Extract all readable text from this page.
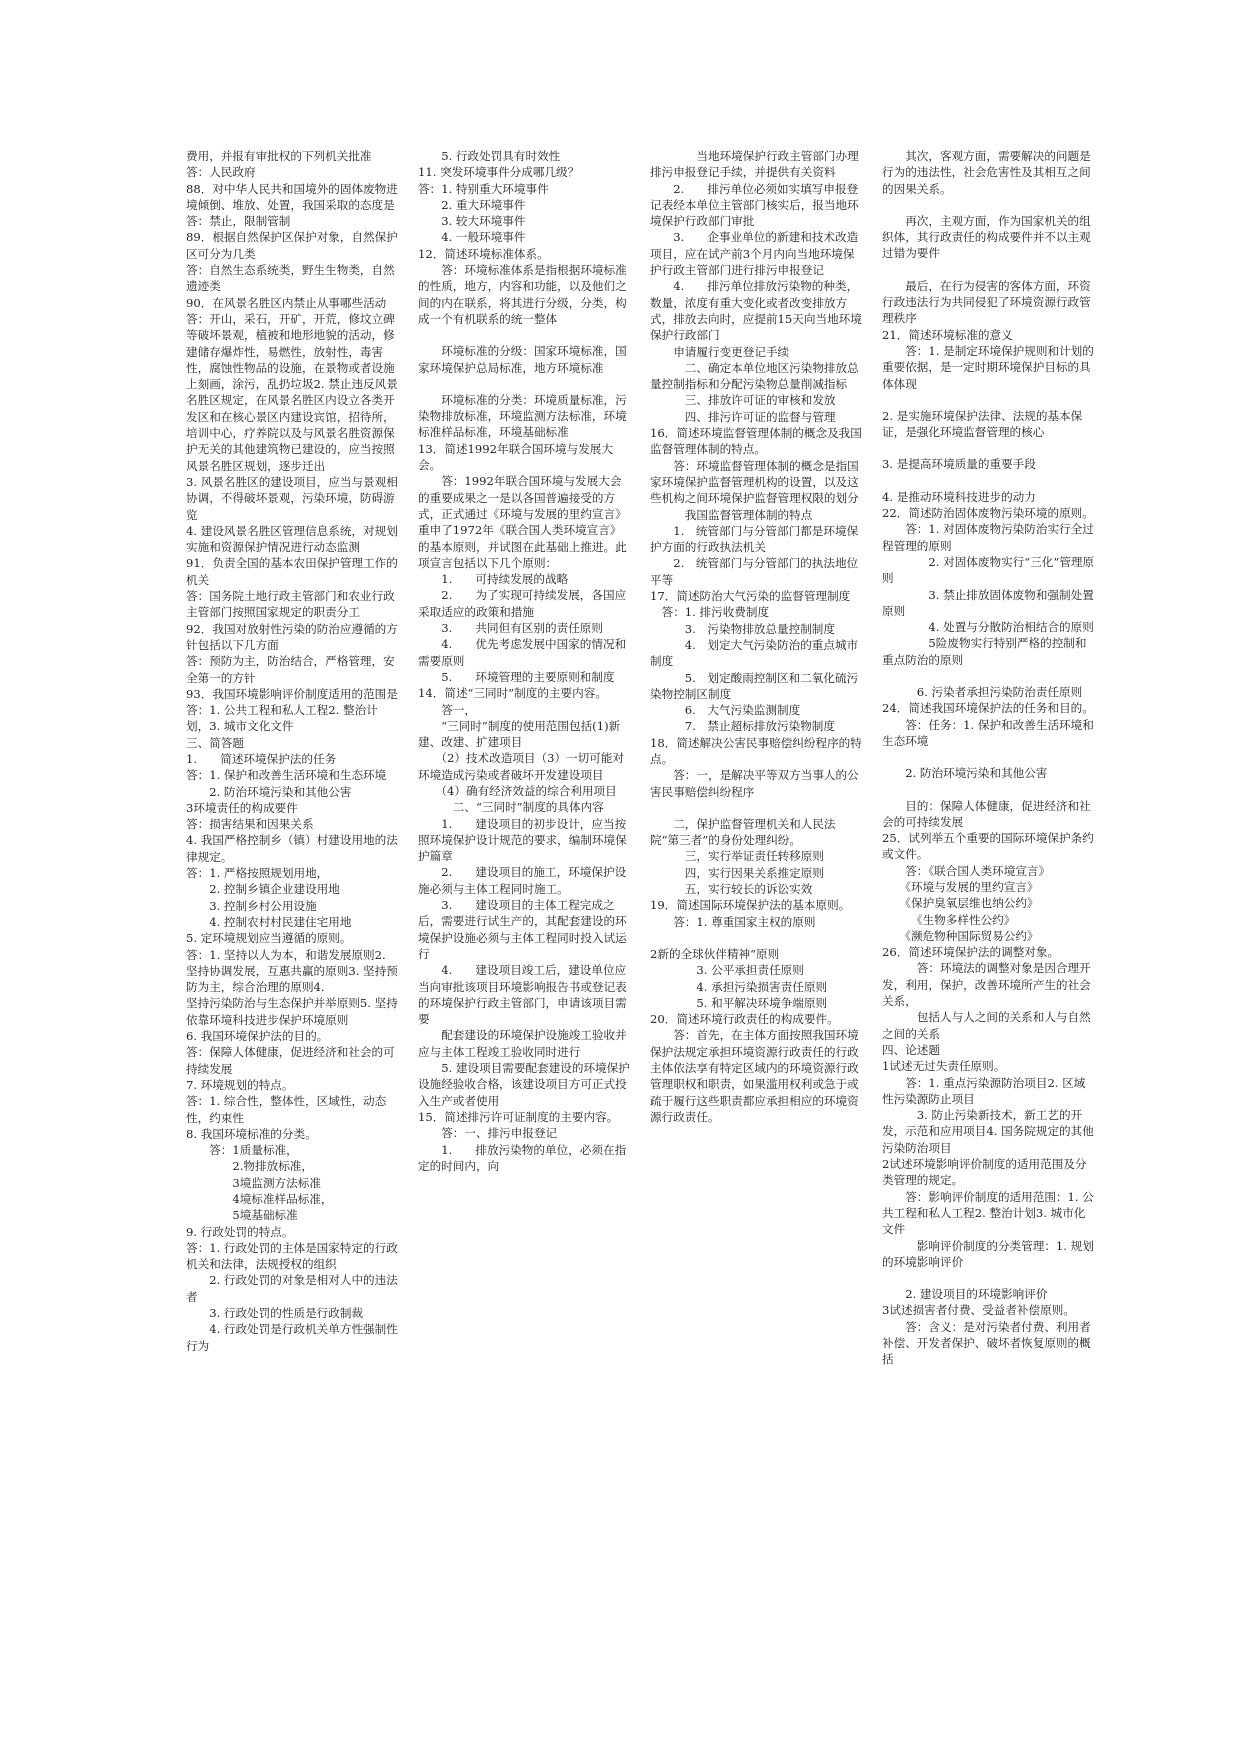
费用，并报有审批权的下列机关批准

答：人民政府

88．对中华人民共和国境外的固体废物进境倾倒、堆放、处置，我国采取的态度是

答：禁止，限制管制

89．根据自然保护区保护对象，自然保护区可分为几类

答：自然生态系统类，野生生物类，自然遗迹类

90．在风景名胜区内禁止从事哪些活动

答：开山，采石，开矿，开荒，修坟立碑等破坏景观，植被和地形地貌的活动，修建储存爆炸性，易燃性，放射性，毒害性，腐蚀性物品的设施，在景物或者设施上刻画，涂污，乱扔垃圾2. 禁止违反风景名胜区规定，在风景名胜区内设立各类开发区和在核心景区内建设宾馆，招待所，培训中心，疗养院以及与风景名胜资源保护无关的其他建筑物已建设的，应当按照风景名胜区规划，逐步迁出

3. 风景名胜区的建设项目，应当与景观相协调，不得破坏景观，污染环境，防碍游览

4. 建设风景名胜区管理信息系统，对规划实施和资源保护情况进行动态监测

91．负责全国的基本农田保护管理工作的机关

答：国务院土地行政主管部门和农业行政主管部门按照国家规定的职责分工

92．我国对放射性污染的防治应遵循的方针包括以下几方面

答：预防为主，防治结合，严格管理，安全第一的方针

93．我国环境影响评价制度适用的范围是

答：1. 公共工程和私人工程2. 整治计划，3. 城市文化文件

三、简答题

1.　　简述环境保护法的任务

答：1. 保护和改善生活环境和生态环境

　　2. 防治环境污染和其他公害

3环境责任的构成要件

答：损害结果和因果关系

4. 我国严格控制乡（镇）村建设用地的法律规定。

答：1. 严格按照规划用地，

　　2. 控制乡镇企业建设用地

　　3. 控制乡村公用设施

　　4. 控制农村村民建住宅用地

5. 定环境规划应当遵循的原则。

答：1. 坚持以人为本，和谐发展原则2. 坚持协调发展，互惠共赢的原则3. 坚持预防为主，综合治理的原则4.

坚持污染防治与生态保护并举原则5. 坚持依靠环境科技进步保护环境原则

6. 我国环境保护法的目的。

答：保障人体健康，促进经济和社会的可持续发展

7. 环境规划的特点。

答：1. 综合性，整体性，区域性，动态性，约束性

8. 我国环境标准的分类。

　　答：1质量标准，

　　　　2.物排放标准，

　　　　3境监测方法标准

　　　　4境标准样品标准，

　　　　5境基础标准

9. 行政处罚的特点。

答：1. 行政处罚的主体是国家特定的行政机关和法律，法规授权的组织

　　2. 行政处罚的对象是相对人中的违法者

　　3. 行政处罚的性质是行政制裁

　　4. 行政处罚是行政机关单方性强制性行为

　　5. 行政处罚具有时效性

11. 突发环境事件分成哪几级？

答：1. 特别重大环境事件

　　2. 重大环境事件

　　3. 较大环境事件

　　4. 一般环境事件

12．简述环境标准体系。

　　答：环境标准体系是指根据环境标准的性质，地方，内容和功能，以及他们之间的内在联系，将其进行分级，分类，构成一个有机联系的统一整体

　　环境标准的分级：国家环境标准，国家环境保护总局标准，地方环境标准

　　环境标准的分类：环境质量标准，污染物排放标准，环境监测方法标准，环境标准样品标准，环境基础标准

13．简述1992年联合国环境与发展大会。

　　答：1992年联合国环境与发展大会的重要成果之一是以各国普遍接受的方式，正式通过《环境与发展的里约宣言》重申了1972年《联合国人类环境宣言》的基本原则，并试图在此基础上推进。此项宣言包括以下几个原则：

　　1.　　可持续发展的战略

　　2.　　为了实现可持续发展，各国应采取适应的政策和措施

　　3.　　共同但有区别的责任原则

　　4.　　优先考虑发展中国家的情况和需要原则

　　5.　　环境管理的主要原则和制度

14．简述“三同时”制度的主要内容。

　　答一，

　　“三同时”制度的使用范围包括(1)新建、改建、扩建项目

　　（2）技术改造项目（3）一切可能对环境造成污染或者破坏开发建设项目

　　（4）确有经济效益的综合利用项目

　　　二、“三同时”制度的具体内容

　　1.　　建设项目的初步设计，应当按照环境保护设计规范的要求，编制环境保护篇章

　　2.　　建设项目的施工，环境保护设施必须与主体工程同时施工。

　　3.　　建设项目的主体工程完成之后，需要进行试生产的，其配套建设的环境保护设施必须与主体工程同时投入试运行

　　4.　　建设项目竣工后，建设单位应当向审批该项目环境影响报告书或登记表的环境保护行政主管部门，申请该项目需要

　　配套建设的环境保护设施竣工验收并应与主体工程竣工验收同时进行

　　5. 建设项目需要配套建设的环境保护设施经验收合格，该建设项目方可正式投入生产或者使用

15．简述排污许可证制度的主要内容。

　　答：一、排污申报登记

　　1.　　排放污染物的单位，必须在指定的时间内，向

　　　　当地环境保护行政主管部门办理排污申报登记手续，并提供有关资料

　　2.　　排污单位必须如实填写申报登记表经本单位主管部门核实后，报当地环境保护行政部门审批

　　3.　　企事业单位的新建和技术改造项目，应在试产前3个月内向当地环境保护行政主管部门进行排污申报登记

　　4.　　排污单位排放污染物的种类，数量，浓度有重大变化或者改变排放方式，排放去向时，应提前15天向当地环境保护行政部门

　　申请履行变更登记手续

　　　二、确定本单位地区污染物排放总量控制指标和分配污染物总量削减指标

　　　三、排放许可证的审核和发放

　　　四、排污许可证的监督与管理

16．简述环境监督管理体制的概念及我国监督管理体制的特点。

　　答：环境监督管理体制的概念是指国家环境保护监督管理机构的设置，以及这些机构之间环境保护监督管理权限的划分

　　　我国监督管理体制的特点

　　1.　统管部门与分管部门都是环境保护方面的行政执法机关

　　2.　统管部门与分管部门的执法地位平等

17．简述防治大气污染的监督管理制度

　答：1. 排污收费制度

　　　3.　污染物排放总量控制制度

　　　4.　划定大气污染防治的重点城市制度

　　　5.　划定酸雨控制区和二氧化硫污染物控制区制度

　　　6.　大气污染监测制度

　　　7.　禁止超标排放污染物制度

18．简述解决公害民事赔偿纠纷程序的特点。

　　答：一，是解决平等双方当事人的公害民事赔偿纠纷程序

　　二，保护监督管理机关和人民法院“第三者”的身份处理纠纷。

　　　三，实行举证责任转移原则

　　　四，实行因果关系推定原则

　　　五，实行较长的诉讼实效

19．简述国际环境保护法的基本原则。

　　答：1. 尊重国家主权的原则

2新的全球伙伴精神“原则

　　　　3. 公平承担责任原则

　　　　4. 承担污染损害责任原则

　　　　5. 和平解决环境争端原则

20．简述环境行政责任的构成要件。

　　答：首先，在主体方面按照我国环境保护法规定承担环境资源行政责任的行政主体依法享有特定区域内的环境资源行政管理职权和职责，如果滥用权利或急于或疏于履行这些职责都应承担相应的环境资源行政责任。

　　其次，客观方面，需要解决的问题是行为的违法性，社会危害性及其相互之间的因果关系。

　　再次，主观方面，作为国家机关的组织体，其行政责任的构成要件并不以主观过错为要件

　　最后，在行为侵害的客体方面，环资行政违法行为共同侵犯了环境资源行政管理秩序

21．简述环境标准的意义

　　答：1. 是制定环境保护规则和计划的重要依据，是一定时期环境保护目标的具体体现

2. 是实施环境保护法律、法规的基本保证，是强化环境监督管理的核心

3. 是提高环境质量的重要手段

4. 是推动环境科技进步的动力

22．简述防治固体废物污染环境的原则。

　　答：1. 对固体废物污染防治实行全过程管理的原则

　　　　2. 对固体废物实行“三化”管理原则

　　　　3. 禁止排放固体废物和强制处置原则

　　　　4. 处置与分散防治相结合的原则

　　　　5险废物实行特别严格的控制和重点防治的原则

　　　6. 污染者承担污染防治责任原则

24．简述我国环境保护法的任务和目的。

　　答：任务：1. 保护和改善生活环境和生态环境

　　2. 防治环境污染和其他公害

　　目的：保障人体健康，促进经济和社会的可持续发展

25．试列举五个重要的国际环境保护条约或文件。

　　答：《联合国人类环境宣言》

　　《环境与发展的里约宣言》

　　《保护臭氧层维也纳公约》

　　　《生物多样性公约》

　　《濒危物种国际贸易公约》

26．简述环境保护法的调整对象。

　　　答：环境法的调整对象是因合理开发，利用，保护，改善环境所产生的社会关系，

　　　包括人与人之间的关系和人与自然之间的关系

四、论述题

1试述无过失责任原则。

　　答：1. 重点污染源防治项目2. 区域性污染源防止项目

　　　3. 防止污染新技术，新工艺的开发，示范和应用项目4. 国务院规定的其他污染防治项目

2试述环境影响评价制度的适用范围及分类管理的规定。

　　答：影响评价制度的适用范围：1. 公共工程和私人工程2. 整治计划3. 城市化文件

　　　影响评价制度的分类管理：1. 规划的环境影响评价

　　2. 建设项目的环境影响评价

3试述损害者付费、受益者补偿原则。

　　答：含义：是对污染者付费、利用者补偿、开发者保护、破坏者恢复原则的概括
